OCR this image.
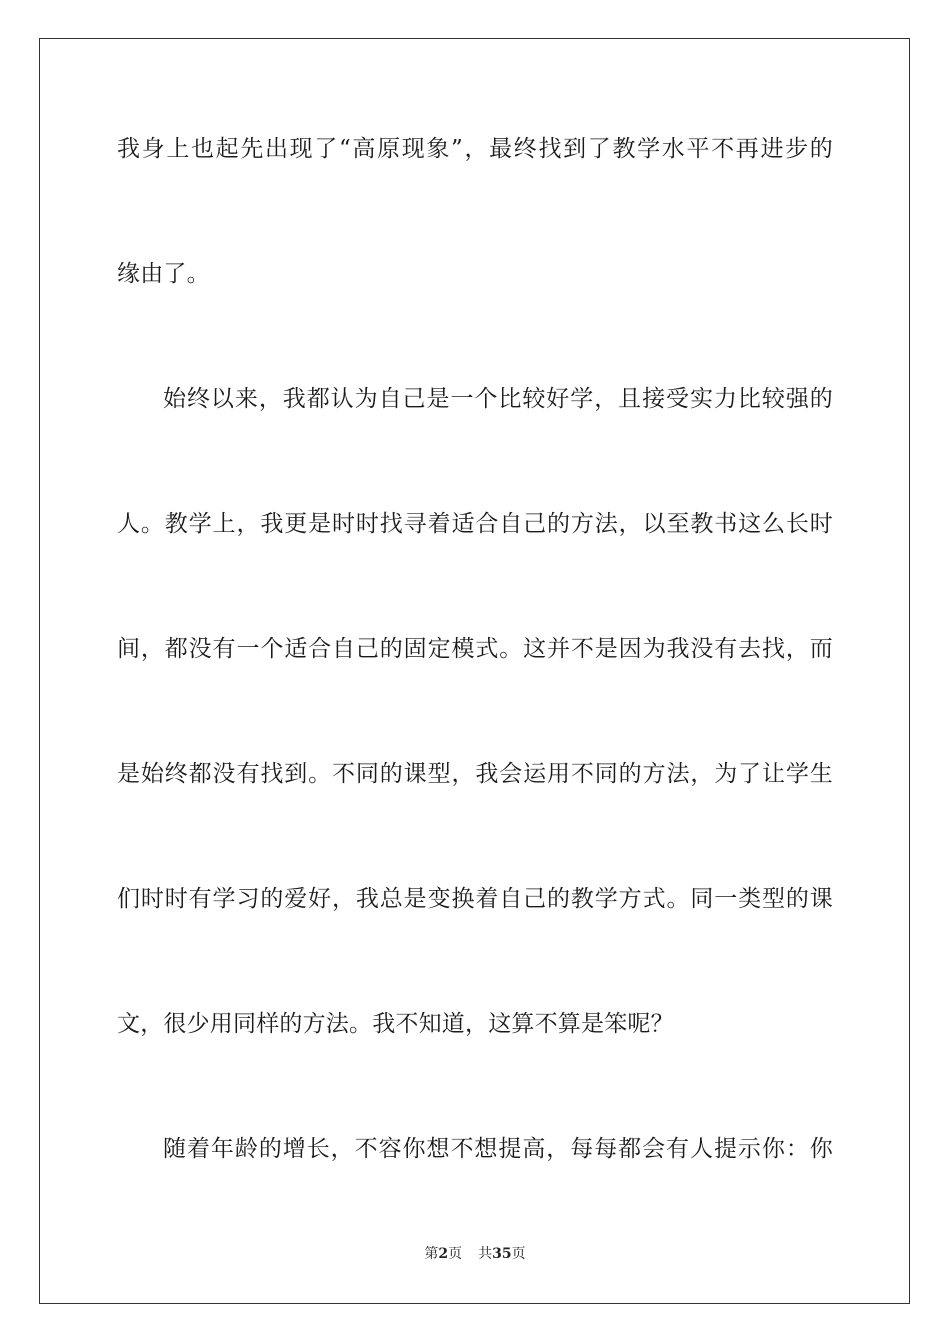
我身上也起先出现了“高原现象”，最终找到了教学水平不再进步的
缘由了。
始终以来，我都认为自己是一个比较好学，且接受实力比较强的
人。教学上，我更是时时找寻着适合自己的方法，以至教书这么长时
间，都没有一个适合自己的固定模式。这并不是因为我没有去找，而
是始终都没有找到。不同的课型，我会运用不同的方法，为了让学生
们时时有学习的爱好，我总是变换着自己的教学方式。同一类型的课
文，很少用同样的方法。我不知道，这算不算是笨呢？
随着年龄的增长，不容你想不想提高，每每都会有人提示你：你
第2页 共35页
